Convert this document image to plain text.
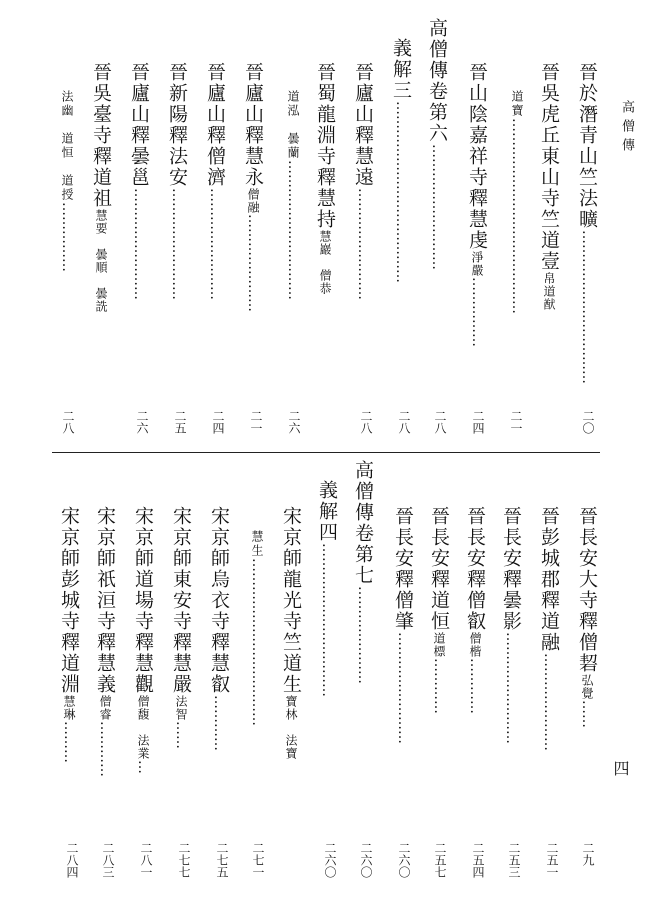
高僧傳
四
晉於潛青山竺法曠……………………………
二〇
晉吳虎丘東山寺竺道壹帛道猷
道寶……………………………………
二一
晉山陰嘉祥寺釋慧虔淨嚴……………
二四
高僧傳卷第六………………………
二八
義解三…………………………………
二八
晉廬山釋慧遠……………………
二八
晉蜀龍淵寺釋慧持慧巖　僧恭
道泓　曇蘭…………………………
二六
晉廬山釋慧永僧融…………………
二一
晉廬山釋僧濟……………………
二四
晉新陽釋法安……………………
二五
晉廬山釋曇邕……………………
二六
晉吳臺寺釋道祖慧要　曇順　曇詵
法幽　道恒　道授……………
二八
晉長安大寺釋僧䂮弘覺……
二九
晉彭城郡釋道融…………………
二五一
晉長安釋曇影……………………
二五三
晉長安釋僧叡僧楷…………
二五四
晉長安釋道恒道標…………
二五七
晉長安釋僧肇……………………
二六〇
高僧傳卷第七…………………
二六〇
義解四……………………………
二六〇
宋京師龍光寺竺道生寶林　法寶
慧生………………………………
二七一
宋京師烏衣寺釋慧叡…………
二七五
宋京師東安寺釋慧嚴法智……
二七七
宋京師道場寺釋慧觀僧馥　法業…
二八一
宋京師祇洹寺釋慧義僧睿…………
二八三
宋京師彭城寺釋道淵慧琳………
二八四
